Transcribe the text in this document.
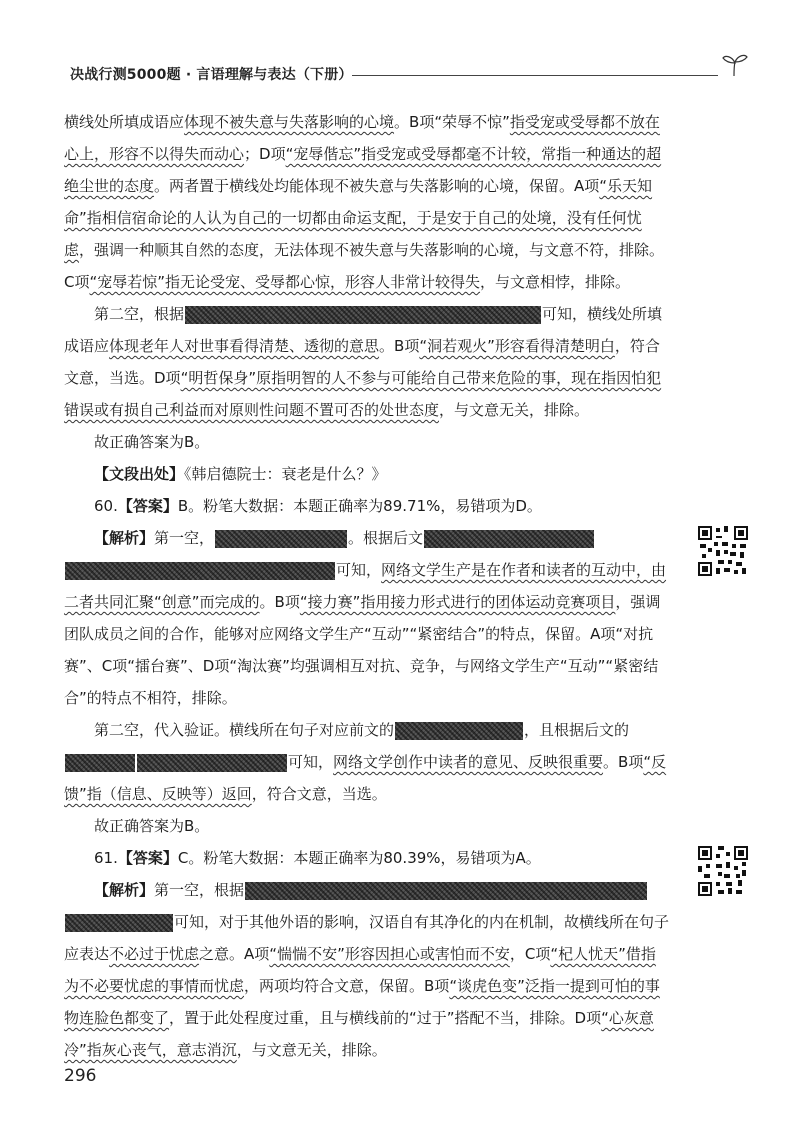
决战行测5000题 · 言语理解与表达（下册）

横线处所填成语应体现不被失意与失落影响的心境。B项“荣辱不惊”指受宠或受辱都不放在心上，形容不以得失而动心；D项“宠辱偕忘”指受宠或受辱都毫不计较，常指一种通达的超绝尘世的态度。两者置于横线处均能体现不被失意与失落影响的心境，保留。A项“乐天知命”指相信宿命论的人认为自己的一切都由命运支配，于是安于自己的处境，没有任何忧虑，强调一种顺其自然的态度，无法体现不被失意与失落影响的心境，与文意不符，排除。C项“宠辱若惊”指无论受宠、受辱都心惊，形容人非常计较得失，与文意相悖，排除。

第二空，根据	可知，横线处所填成语应体现老年人对世事看得清楚、透彻的意思。B项“洞若观火”形容看得清楚明白，符合文意，当选。D项“明哲保身”原指明智的人不参与可能给自己带来危险的事，现在指因怕犯错误或有损自己利益而对原则性问题不置可否的处世态度，与文意无关，排除。

故正确答案为B。

【文段出处】《韩启德院士：衰老是什么？》

60.【答案】B。粉笔大数据：本题正确率为89.71%，易错项为D。

【解析】第一空，	。根据后文可知，网络文学生产是在作者和读者的互动中，由二者共同汇聚“创意”而完成的。B项“接力赛”指用接力形式进行的团体运动竞赛项目，强调团队成员之间的合作，能够对应网络文学生产“互动”“紧密结合”的特点，保留。A项“对抗赛”、C项“擂台赛”、D项“淘汰赛”均强调相互对抗、竞争，与网络文学生产“互动”“紧密结合”的特点不相符，排除。

第二空，代入验证。横线所在句子对应前文的	，且根据后文的可知，网络文学创作中读者的意见、反映很重要。B项“反馈”指（信息、反映等）返回，符合文意，当选。

故正确答案为B。

61.【答案】C。粉笔大数据：本题正确率为80.39%，易错项为A。

【解析】第一空，根据可知，对于其他外语的影响，汉语自有其净化的内在机制，故横线所在句子应表达不必过于忧虑之意。A项“惴惴不安”形容因担心或害怕而不安，C项“杞人忧天”借指为不必要忧虑的事情而忧虑，两项均符合文意，保留。B项“谈虎色变”泛指一提到可怕的事物连脸色都变了，置于此处程度过重，且与横线前的“过于”搭配不当，排除。D项“心灰意冷”指灰心丧气，意志消沉，与文意无关，排除。

296
